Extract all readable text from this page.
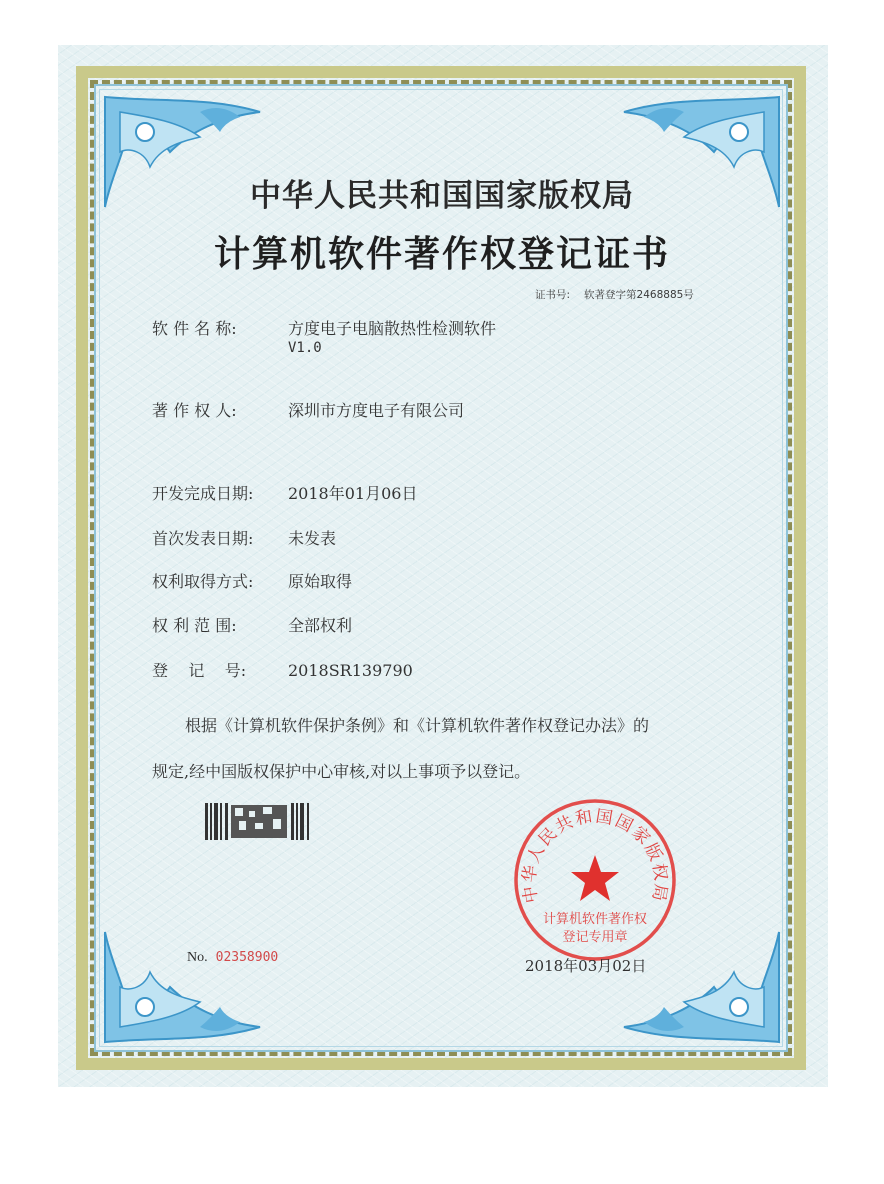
中华人民共和国国家版权局
计算机软件著作权登记证书
证书号: 软著登字第2468885号
软 件 名 称:	方度电子电脑散热性检测软件
V1.0
著 作 权 人:	深圳市方度电子有限公司
开发完成日期: 2018年01月06日
首次发表日期: 未发表
权利取得方式: 原始取得
权 利 范 围:	全部权利
登    记    号:	2018SR139790
根据《计算机软件保护条例》和《计算机软件著作权登记办法》的
规定,经中国版权保护中心审核,对以上事项予以登记。
中华人民共和国国家版权局
计算机软件著作权
登记专用章
No. 02358900	2018年03月02日
